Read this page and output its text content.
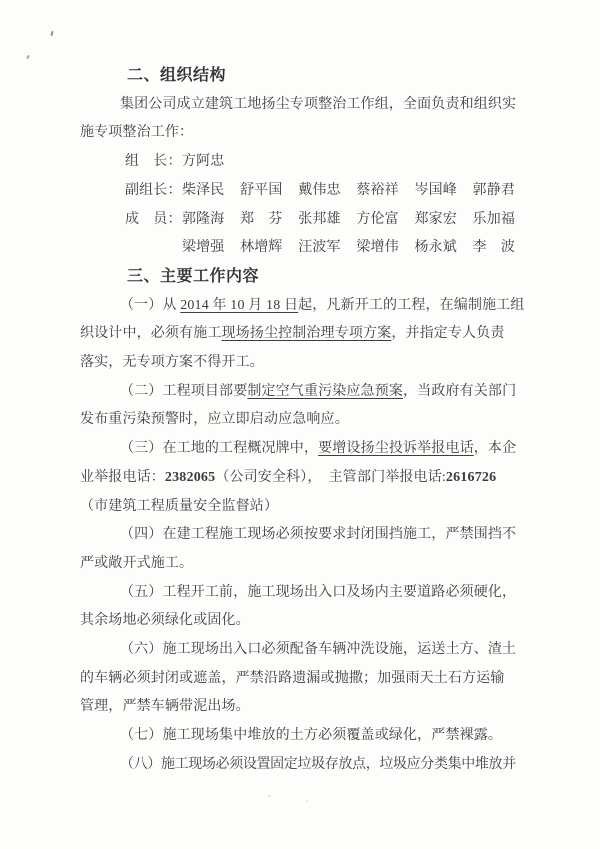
二、组织结构
集团公司成立建筑工地扬尘专项整治工作组，全面负责和组织实
施专项整治工作：
组　长： 方阿忠
副组长： 柴泽民 舒平国 戴伟忠 蔡裕祥 岑国峰 郭静君
成　员： 郭隆海 郑　芬 张邦雄 方伦富 郑家宏 乐加福
梁增强 林增辉 汪波军 梁增伟 杨永斌 李　波
三、主要工作内容
（一）从 2014 年 10 月 18 日起，凡新开工的工程，在编制施工组
织设计中，必须有施工现场扬尘控制治理专项方案，并指定专人负责
落实，无专项方案不得开工。
（二）工程项目部要制定空气重污染应急预案，当政府有关部门
发布重污染预警时，应立即启动应急响应。
（三）在工地的工程概况牌中，要增设扬尘投诉举报电话，本企
业举报电话：2382065（公司安全科），　主管部门举报电话:2616726
（市建筑工程质量安全监督站）
（四）在建工程施工现场必须按要求封闭围挡施工，严禁围挡不
严或敞开式施工。
（五）工程开工前，施工现场出入口及场内主要道路必须硬化，
其余场地必须绿化或固化。
（六）施工现场出入口必须配备车辆冲洗设施，运送土方、渣土
的车辆必须封闭或遮盖，严禁沿路遗漏或抛撒；加强雨天土石方运输
管理，严禁车辆带泥出场。
（七）施工现场集中堆放的土方必须覆盖或绿化，严禁裸露。
（八）施工现场必须设置固定垃圾存放点，垃圾应分类集中堆放并
